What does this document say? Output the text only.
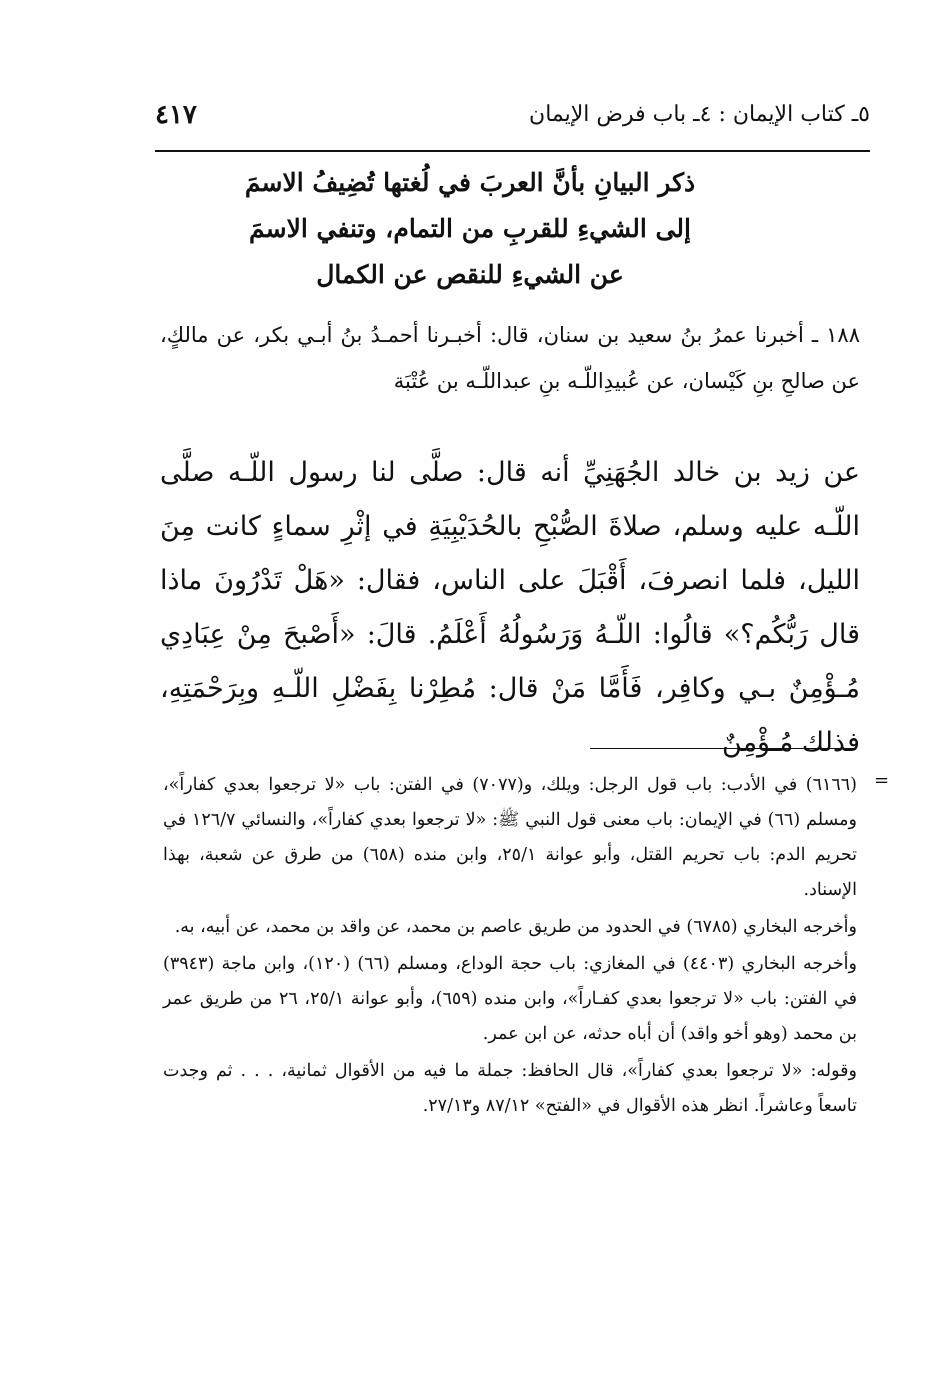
٥ـ كتاب الإيمان : ٤ـ باب فرض الإيمان
٤١٧
ذكر البيانِ بأنَّ العربَ في لُغتها تُضِيفُ الاسمَ
إلى الشيءِ للقربِ من التمام، وتنفي الاسمَ
عن الشيءِ للنقص عن الكمال
١٨٨ ـ أخبرنا عمرُ بنُ سعيد بن سنان، قال: أخبـرنا أحمـدُ بنُ أبـي بكر، عن مالكٍ، عن صالحِ بنِ كَيْسان، عن عُبيدِاللّـه بنِ عبداللّـه بن عُتْبَة
عن زيد بن خالد الجُهَنِيِّ أنه قال: صلَّى لنا رسول اللّـه صلَّى اللّـه عليه وسلم، صلاةَ الصُّبْحِ بالحُدَيْبِيَةِ في إثْرِ سماءٍ كانت مِنَ الليل، فلما انصرفَ، أَقْبَلَ على الناس، فقال: «هَلْ تَدْرُونَ ماذا قال رَبُّكُم؟» قالُوا: اللّـهُ وَرَسُولُهُ أَعْلَمُ. قالَ: «أَصْبحَ مِنْ عِبَادِي مُـؤْمِنٌ بـي وكافِر، فَأَمَّا مَنْ قال: مُطِرْنا بِفَضْلِ اللّـهِ وبِرَحْمَتِهِ، فذلك مُـؤْمِنٌ
=

(٦١٦٦) في الأدب: باب قول الرجل: ويلك، و(٧٠٧٧) في الفتن: باب «لا ترجعوا بعدي كفاراً»، ومسلم (٦٦) في الإيمان: باب معنى قول النبي ﷺ: «لا ترجعوا بعدي كفاراً»، والنسائي ١٢٦/٧ في تحريم الدم: باب تحريم القتل، وأبو عوانة ٢٥/١، وابن منده (٦٥٨) من طرق عن شعبة، بهذا الإسناد.

وأخرجه البخاري (٦٧٨٥) في الحدود من طريق عاصم بن محمد، عن واقد بن محمد، عن أبيه، به.

وأخرجه البخاري (٤٤٠٣) في المغازي: باب حجة الوداع، ومسلم (٦٦) (١٢٠)، وابن ماجة (٣٩٤٣) في الفتن: باب «لا ترجعوا بعدي كفـاراً»، وابن منده (٦٥٩)، وأبو عوانة ٢٥/١، ٢٦ من طريق عمر بن محمد (وهو أخو واقد) أن أباه حدثه، عن ابن عمر.

وقوله: «لا ترجعوا بعدي كفاراً»، قال الحافظ: جملة ما فيه من الأقوال ثمانية، . . . ثم وجدت تاسعاً وعاشراً. انظر هذه الأقوال في «الفتح» ٨٧/١٢ و٢٧/١٣.
